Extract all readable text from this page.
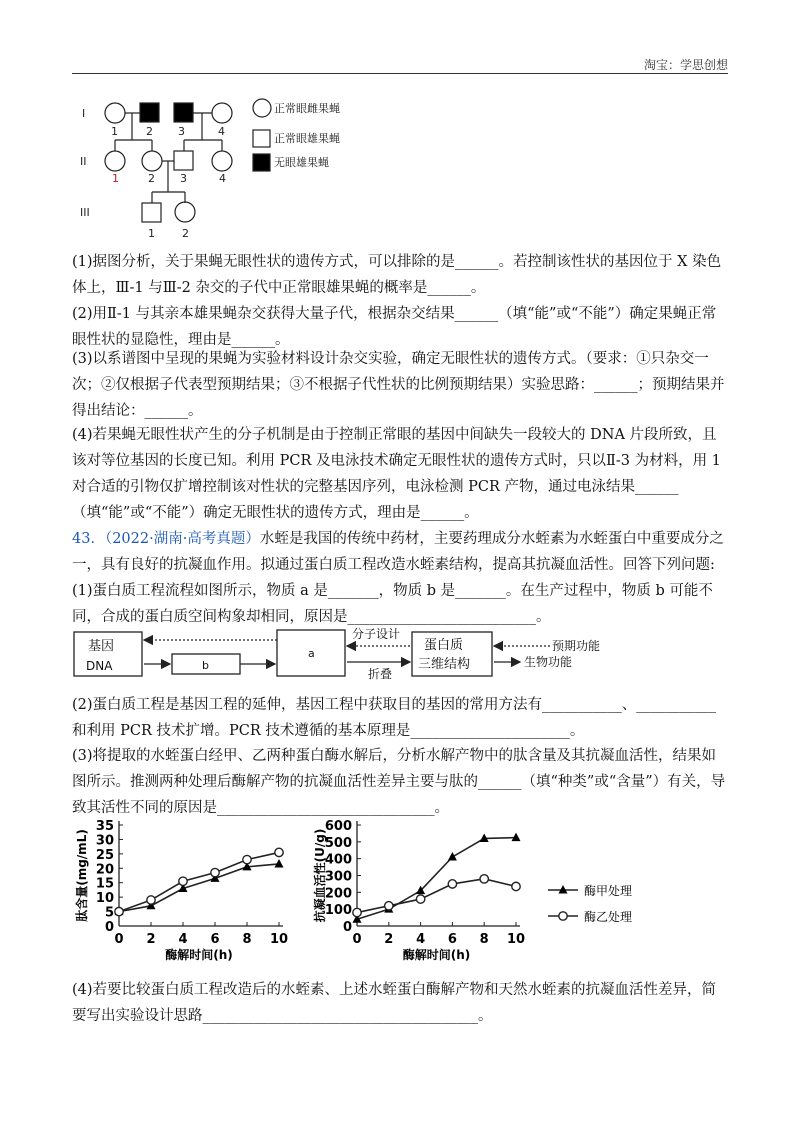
淘宝：学思创想
I
II
III
1	2 3	4
1	2 3	4
1 2
正常眼雌果蝇
正常眼雄果蝇
无眼雄果蝇

(1)据图分析，关于果蝇无眼性状的遗传方式，可以排除的是______。若控制该性状的基因位于 X 染色体上，Ⅲ-1 与Ⅲ-2 杂交的子代中正常眼雄果蝇的概率是______。

(2)用Ⅱ-1 与其亲本雄果蝇杂交获得大量子代，根据杂交结果______（填“能”或“不能”）确定果蝇正常眼性状的显隐性，理由是______。

(3)以系谱图中呈现的果蝇为实验材料设计杂交实验，确定无眼性状的遗传方式。（要求：①只杂交一次；②仅根据子代表型预期结果；③不根据子代性状的比例预期结果）实验思路：______；预期结果并得出结论：______。

(4)若果蝇无眼性状产生的分子机制是由于控制正常眼的基因中间缺失一段较大的 DNA 片段所致，且该对等位基因的长度已知。利用 PCR 及电泳技术确定无眼性状的遗传方式时，只以Ⅱ-3 为材料，用 1 对合适的引物仅扩增控制该对性状的完整基因序列，电泳检测 PCR 产物，通过电泳结果______（填“能”或“不能”）确定无眼性状的遗传方式，理由是______。

43．（2022·湖南·高考真题）水蛭是我国的传统中药材，主要药理成分水蛭素为水蛭蛋白中重要成分之一，具有良好的抗凝血作用。拟通过蛋白质工程改造水蛭素结构，提高其抗凝血活性。回答下列问题:

(1)蛋白质工程流程如图所示，物质 a 是_______，物质 b 是_______。在生产过程中，物质 b 可能不同，合成的蛋白质空间构象却相同，原因是__________________________。

基因
DNA	b
a
分子设计
折叠
蛋白质
三维结构
预期功能
生物功能

(2)蛋白质工程是基因工程的延伸，基因工程中获取目的基因的常用方法有___________、___________和利用 PCR 技术扩增。PCR 技术遵循的基本原理是______________________。

(3)将提取的水蛭蛋白经甲、乙两种蛋白酶水解后，分析水解产物中的肽含量及其抗凝血活性，结果如图所示。推测两种处理后酶解产物的抗凝血活性差异主要与肽的______（填“种类”或“含量”）有关，导致其活性不同的原因是______________________________。

0
5
10
15
20
25
30
35
0 2 4 6 8 10
酶解时间(h)
肽含量(mg/mL)
0
100
200
300
400
500
600
0 2 4 6 8 10
酶解时间(h)
抗凝血活性(U/g)	酶甲处理
酶乙处理

(4)若要比较蛋白质工程改造后的水蛭素、上述水蛭蛋白酶解产物和天然水蛭素的抗凝血活性差异，简要写出实验设计思路______________________________________。
